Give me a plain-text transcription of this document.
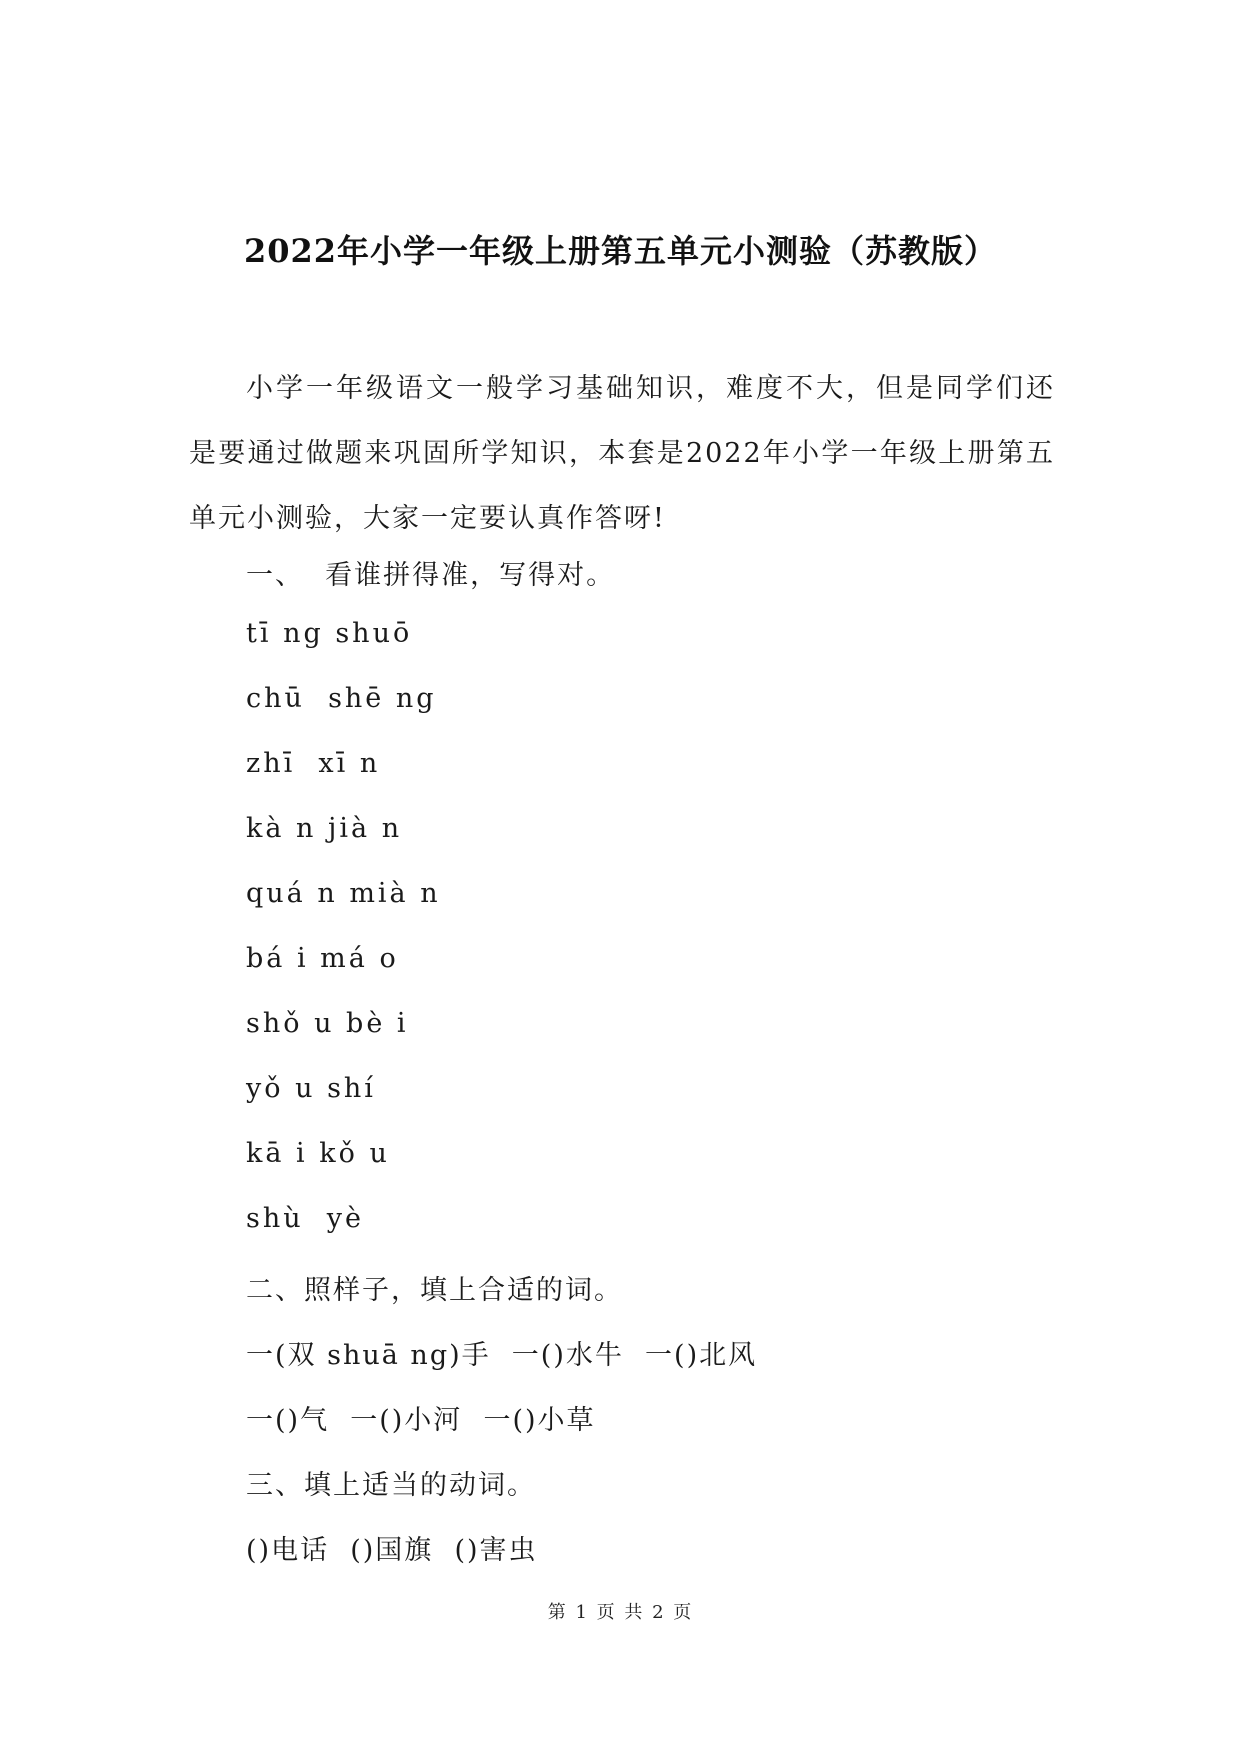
2022年小学一年级上册第五单元小测验（苏教版）
小学一年级语文一般学习基础知识，难度不大，但是同学们还是要通过做题来巩固所学知识，本套是2022年小学一年级上册第五单元小测验，大家一定要认真作答呀!
一、  看谁拼得准，写得对。
tī ng shuō
chū  shē ng
zhī  xī n
kà n jià n
quá n mià n
bá i má o
shǒ u bè i
yǒ u shí
kā i kǒ u
shù  yè
二、照样子，填上合适的词。
一(双 shuā ng)手  一()水牛  一()北风
一()气  一()小河  一()小草
三、填上适当的动词。
()电话  ()国旗  ()害虫
第 1 页 共 2 页
